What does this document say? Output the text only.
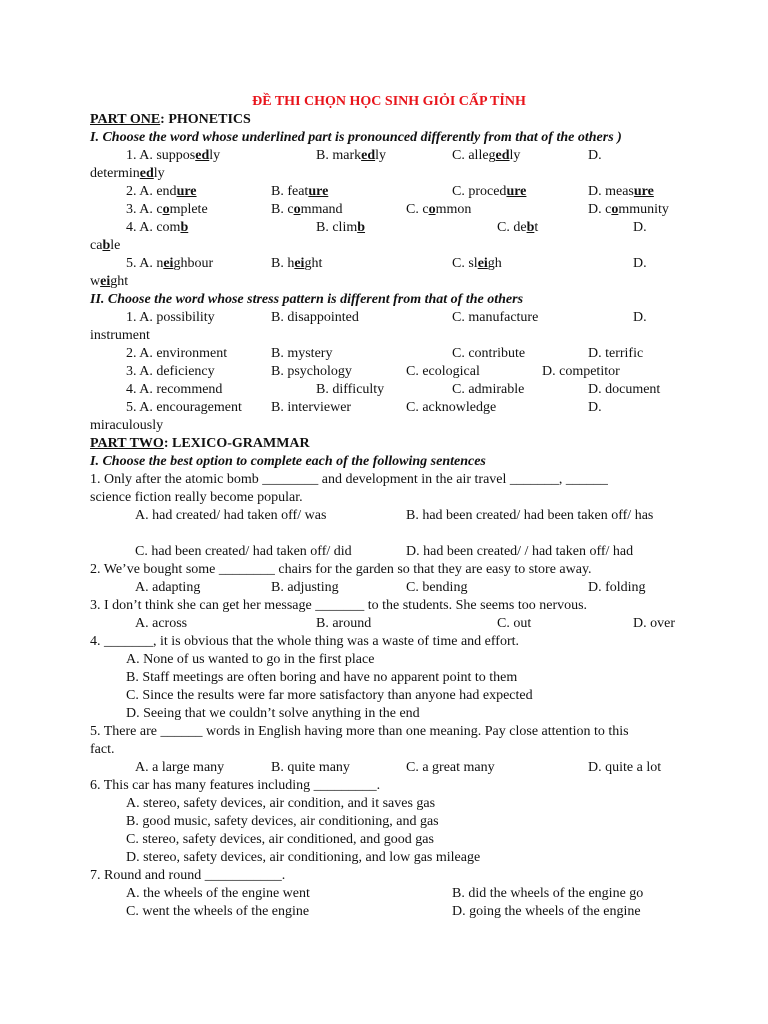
ĐỀ THI CHỌN HỌC SINH GIỎI CẤP TỈNH
PART ONE: PHONETICS
I. Choose the word whose underlined part is pronounced differently from that of the others )
1. A. supposedly	B. markedly	C. allegedly	D.
determinedly
2. A. endure	B. feature	C. procedure	D. measure
3. A. complete	B. command	C. common	D. community
4. A. comb	B. climb	C. debt	D.
cable
5. A. neighbour	B. height	C. sleigh	D.
weight
II. Choose the word whose stress pattern is different from that of the others
1. A. possibility	B. disappointed	C. manufacture	D.
instrument
2. A. environment	B. mystery	C. contribute	D. terrific
3. A. deficiency	B. psychology	C. ecological	D. competitor
4. A. recommend	B. difficulty	C. admirable	D. document
5. A. encouragement B. interviewer	C. acknowledge	D.
miraculously
PART TWO: LEXICO-GRAMMAR
I. Choose the best option to complete each of the following sentences
1. Only after the atomic bomb ________ and development in the air travel _______, ______
science fiction really become popular.
A. had created/ had taken off/ was	B. had been created/ had been taken off/ has
C. had been created/ had taken off/ did	D. had been created/ / had taken off/ had
2. We’ve bought some ________ chairs for the garden so that they are easy to store away.
A. adapting	B. adjusting	C. bending	D. folding
3. I don’t think she can get her message _______ to the students. She seems too nervous.
A. across	B. around	C. out	D. over
4. _______, it is obvious that the whole thing was a waste of time and effort.
A. None of us wanted to go in the first place
B. Staff meetings are often boring and have no apparent point to them
C. Since the results were far more satisfactory than anyone had expected
D. Seeing that we couldn’t solve anything in the end
5. There are ______ words in English having more than one meaning. Pay close attention to this
fact.
A. a large many	B. quite many	C. a great many	D. quite a lot
6. This car has many features including _________.
A. stereo, safety devices, air condition, and it saves gas
B. good music, safety devices, air conditioning, and gas
C. stereo, safety devices, air conditioned, and good gas
D. stereo, safety devices, air conditioning, and low gas mileage
7. Round and round ___________.
A. the wheels of the engine went	B. did the wheels of the engine go
C. went the wheels of the engine	D. going the wheels of the engine
